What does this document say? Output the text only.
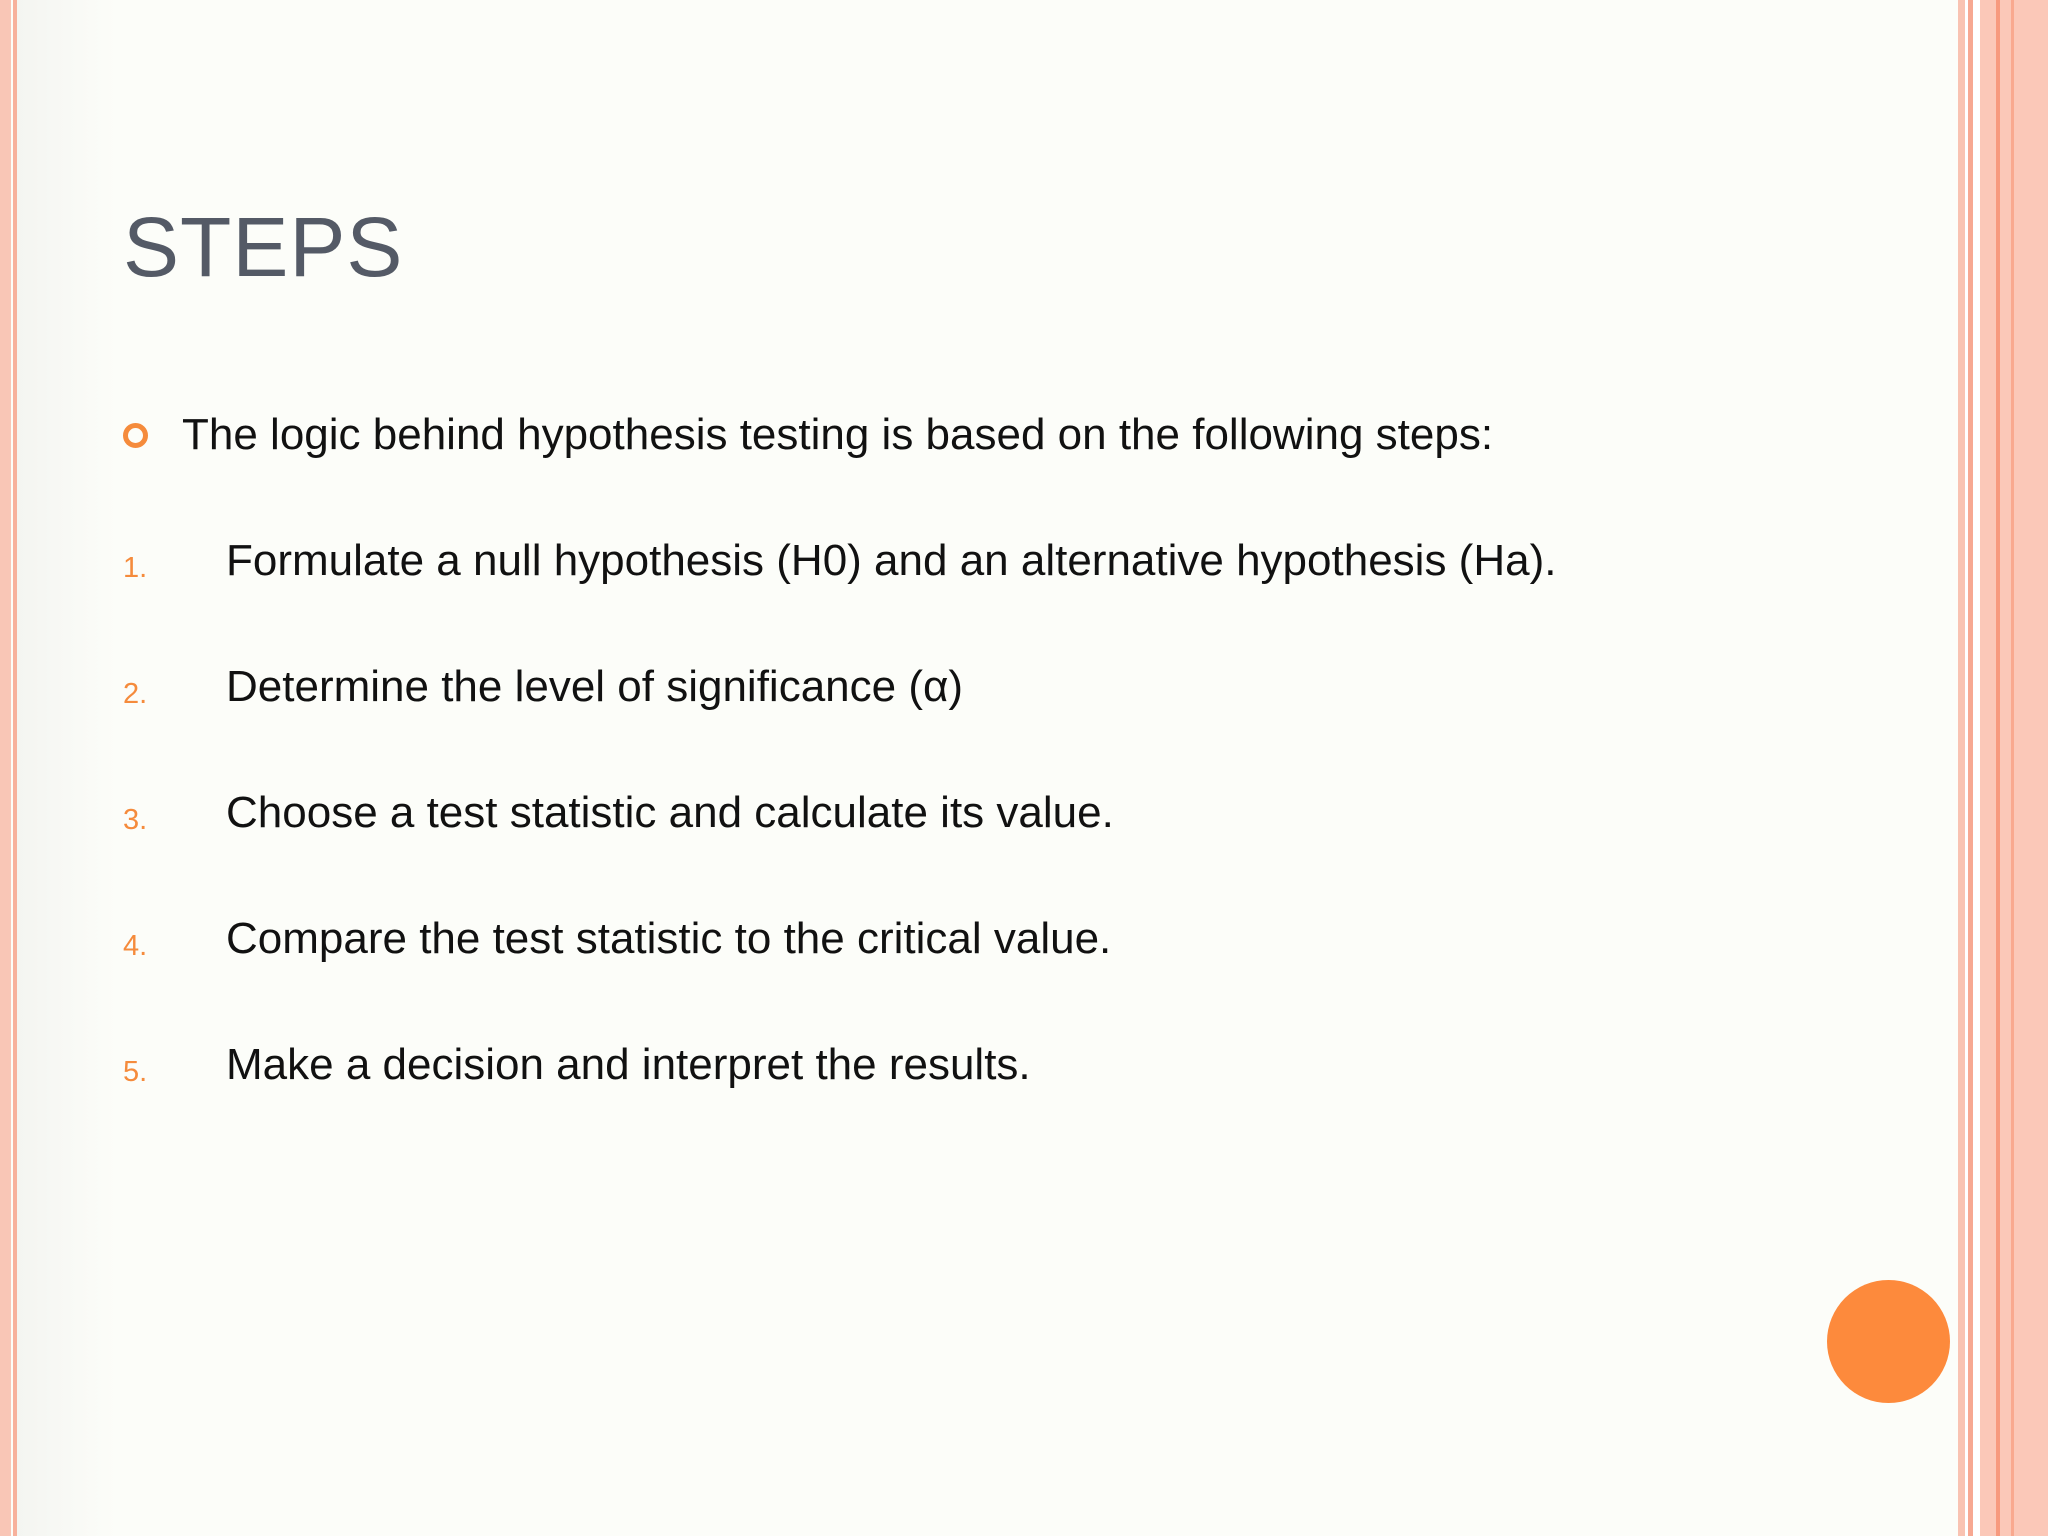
STEPS
The logic behind hypothesis testing is based on the following steps:
1.	Formulate a null hypothesis (H0) and an alternative hypothesis (Ha).
2.	Determine the level of significance (α)
3.	Choose a test statistic and calculate its value.
4.	Compare the test statistic to the critical value.
5.	Make a decision and interpret the results.
